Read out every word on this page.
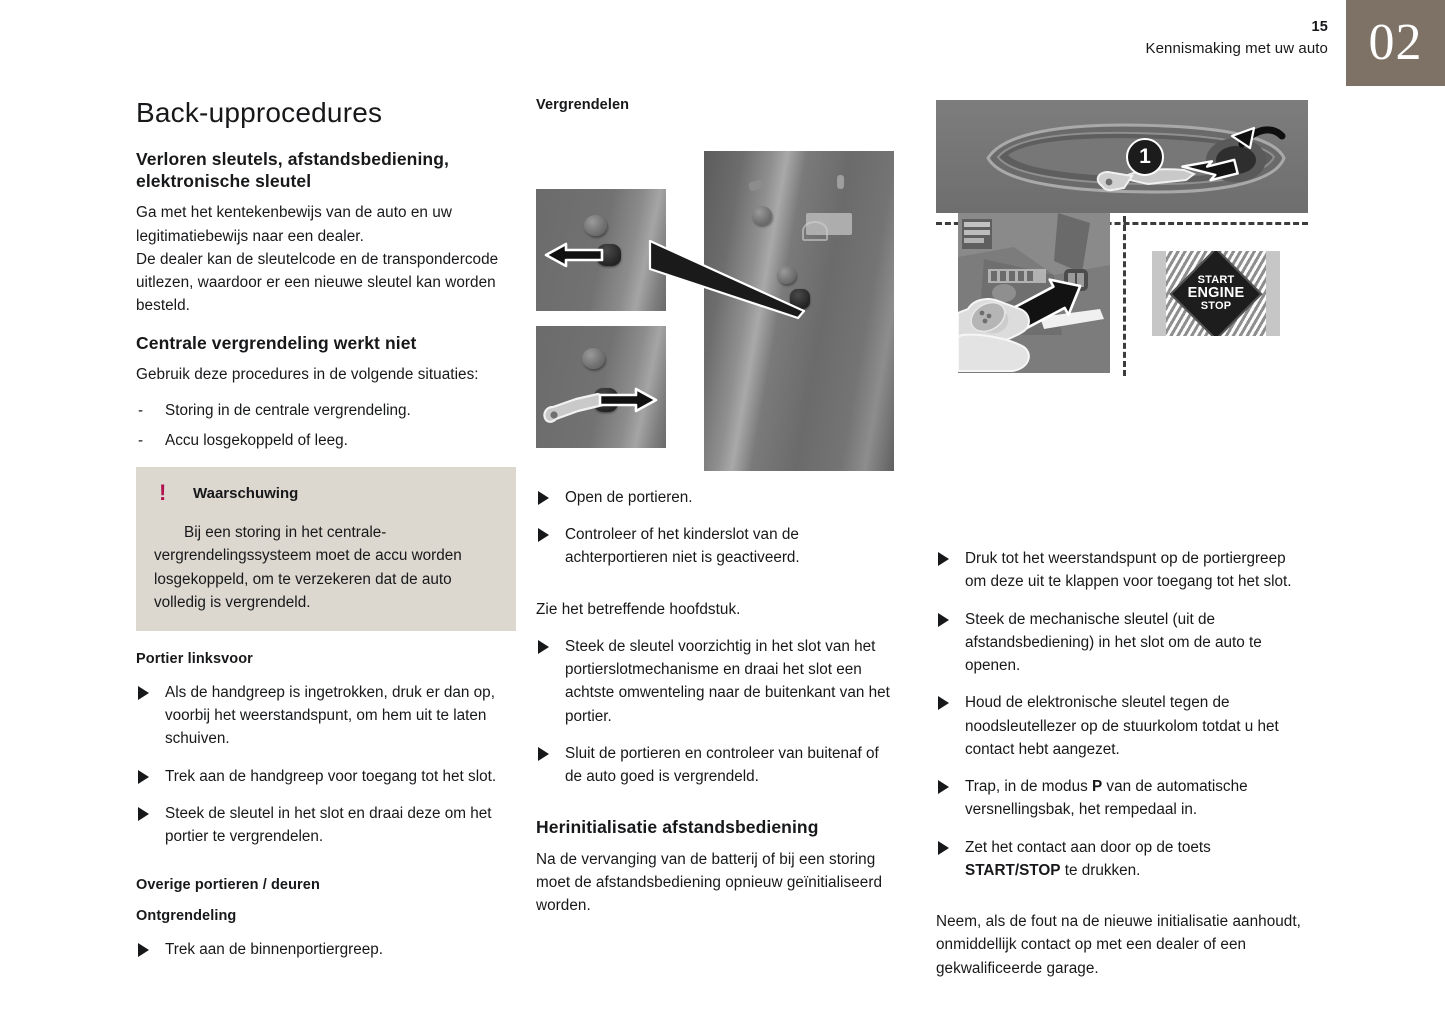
02
15
Kennismaking met uw auto
Back-upprocedures
Verloren sleutels, afstandsbediening, elektronische sleutel

Ga met het kentekenbewijs van de auto en uw legitimatiebewijs naar een dealer.

De dealer kan de sleutelcode en de transpondercode uitlezen, waardoor er een nieuwe sleutel kan worden besteld.

Centrale vergrendeling werkt niet

Gebruik deze procedures in de volgende situaties:

- Storing in de centrale vergrendeling.
- Accu losgekoppeld of leeg.
!	Waarschuwing

Bij een storing in het centrale-vergrendelingssysteem moet de accu worden losgekoppeld, om te verzekeren dat de auto volledig is vergrendeld.

Portier linksvoor
Als de handgreep is ingetrokken, druk er dan op, voorbij het weerstandspunt, om hem uit te laten schuiven.
Trek aan de handgreep voor toegang tot het slot.
Steek de sleutel in het slot en draai deze om het portier te vergrendelen.
Overige portieren / deuren
Ontgrendeling
Trek aan de binnenportiergreep.
Vergrendelen
Open de portieren.
Controleer of het kinderslot van de achterportieren niet is geactiveerd.

Zie het betreffende hoofdstuk.

Steek de sleutel voorzichtig in het slot van het portierslotmechanisme en draai het slot een achtste omwenteling naar de buitenkant van het portier.
Sluit de portieren en controleer van buitenaf of de auto goed is vergrendeld.
Herinitialisatie afstandsbediening

Na de vervanging van de batterij of bij een storing moet de afstandsbediening opnieuw geïnitialiseerd worden.

1
START
ENGINE
STOP
Druk tot het weerstandspunt op de portiergreep om deze uit te klappen voor toegang tot het slot.
Steek de mechanische sleutel (uit de afstandsbediening) in het slot om de auto te openen.
Houd de elektronische sleutel tegen de noodsleutellezer op de stuurkolom totdat u het contact hebt aangezet.
Trap, in de modus P van de automatische versnellingsbak, het rempedaal in.
Zet het contact aan door op de toets START/STOP te drukken.

Neem, als de fout na de nieuwe initialisatie aanhoudt, onmiddellijk contact op met een dealer of een gekwalificeerde garage.
